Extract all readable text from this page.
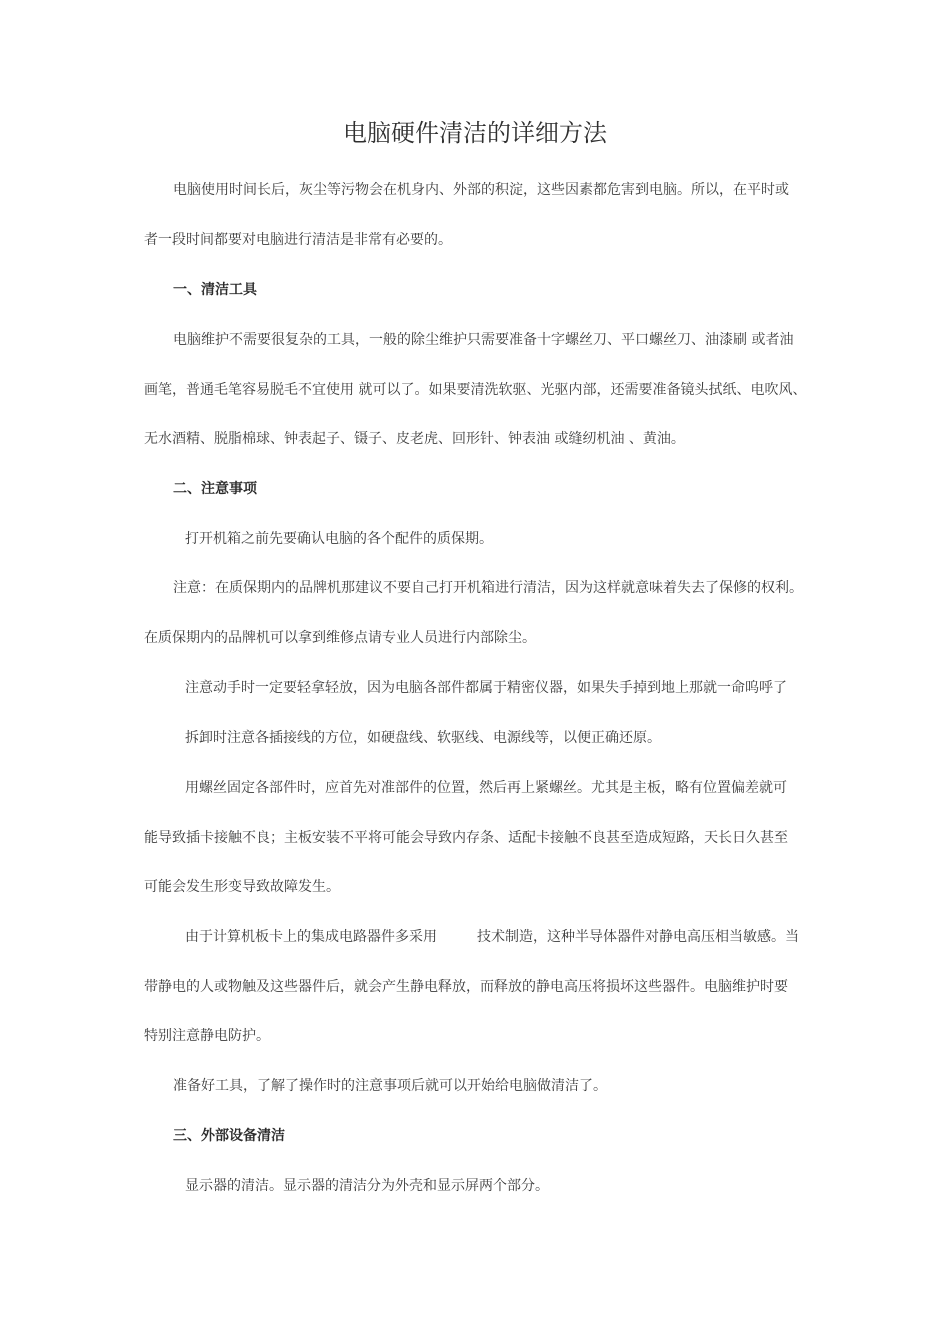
电脑硬件清洁的详细方法
电脑使用时间长后，灰尘等污物会在机身内、外部的积淀，这些因素都危害到电脑。所以，在平时或
者一段时间都要对电脑进行清洁是非常有必要的。
一、清洁工具
电脑维护不需要很复杂的工具，一般的除尘维护只需要准备十字螺丝刀、平口螺丝刀、油漆刷 或者油
画笔，普通毛笔容易脱毛不宜使用 就可以了。如果要清洗软驱、光驱内部，还需要准备镜头拭纸、电吹风、
无水酒精、脱脂棉球、钟表起子、镊子、皮老虎、回形针、钟表油 或缝纫机油 、黄油。
二、注意事项
打开机箱之前先要确认电脑的各个配件的质保期。
注意：在质保期内的品牌机那建议不要自己打开机箱进行清洁，因为这样就意味着失去了保修的权利。
在质保期内的品牌机可以拿到维修点请专业人员进行内部除尘。
注意动手时一定要轻拿轻放，因为电脑各部件都属于精密仪器，如果失手掉到地上那就一命呜呼了
拆卸时注意各插接线的方位，如硬盘线、软驱线、电源线等，以便正确还原。
用螺丝固定各部件时，应首先对准部件的位置，然后再上紧螺丝。尤其是主板，略有位置偏差就可
能导致插卡接触不良；主板安装不平将可能会导致内存条、适配卡接触不良甚至造成短路，天长日久甚至
可能会发生形变导致故障发生。
由于计算机板卡上的集成电路器件多采用         技术制造，这种半导体器件对静电高压相当敏感。当
带静电的人或物触及这些器件后，就会产生静电释放，而释放的静电高压将损坏这些器件。电脑维护时要
特别注意静电防护。
准备好工具，了解了操作时的注意事项后就可以开始给电脑做清洁了。
三、外部设备清洁
显示器的清洁。显示器的清洁分为外壳和显示屏两个部分。
